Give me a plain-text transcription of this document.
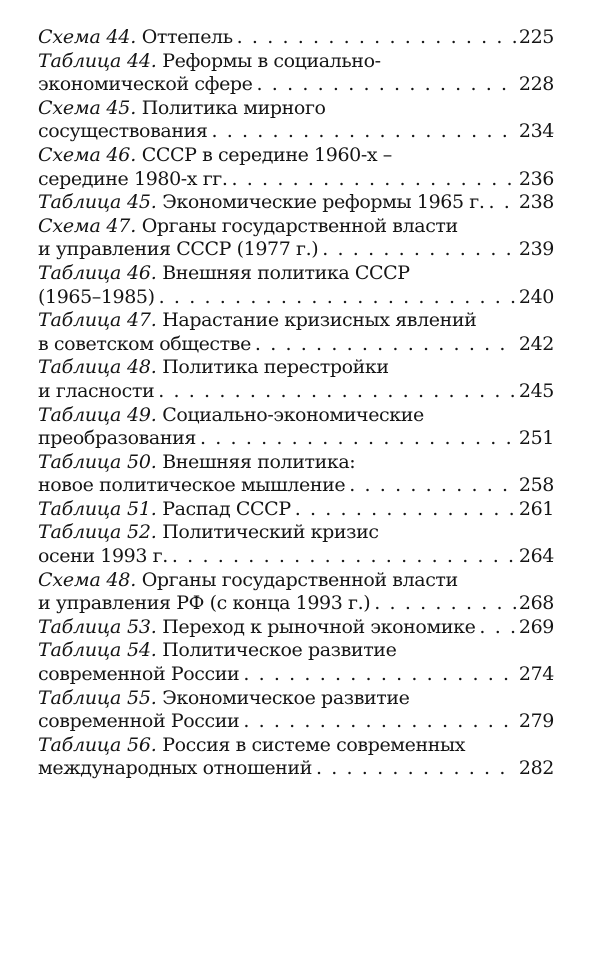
Схема 44 .
Оттепель . . .	225
Таблица 44 .
Реформы в социально-
экономической сфере . . .	228
Схема 45 .
Политика мирного
сосуществования . . .	234
Схема 46 .
СССР в середине 1960-х –
середине 1980-х гг. . . .	236
Таблица 45 .
Экономические реформы 1965 г. . . . 238
Схема 47 .
Органы государственной власти
и управления СССР (1977 г.) . . .	239
Таблица 46 .
Внешняя политика СССР
(1965–1985) . . .	240
Таблица 47 .
Нарастание кризисных явлений
в советском обществе . . .	242
Таблица 48 .
Политика перестройки
и гласности . . .	245
Таблица 49 .
Социально-экономические
преобразования . . .	251
Таблица 50 .
Внешняя политика:
новое политическое мышление . . .	258
Таблица 51 .
Распад СССР . . .	261
Таблица 52 .
Политический кризис
осени 1993 г. . . .	264
Схема 48 .
Органы государственной власти
и управления РФ (с конца 1993 г.) . . .	268
Таблица 53 .
Переход к рыночной экономике . . . 269
Таблица 54 .
Политическое развитие
современной России . . .	274
Таблица 55 .
Экономическое развитие
современной России . . .	279
Таблица 56 .
Россия в системе современных
международных отношений . . .	282
